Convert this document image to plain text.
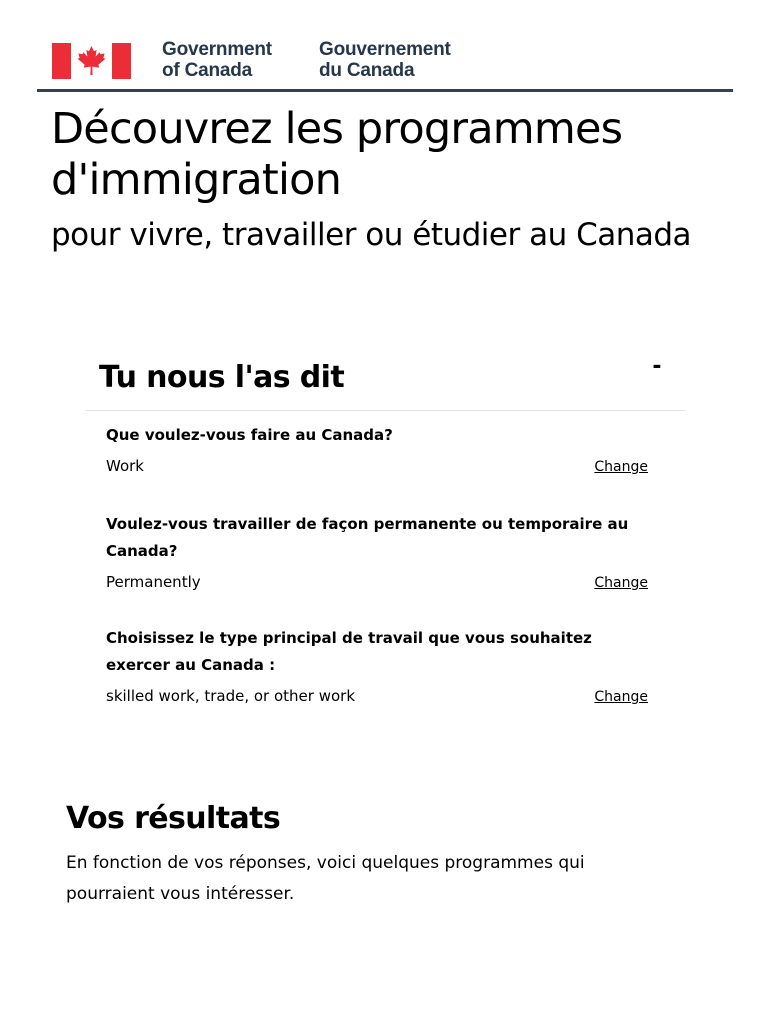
Government
of Canada
Gouvernement
du Canada
Découvrez les programmes d'immigration

pour vivre, travailler ou étudier au Canada

Tu nous l'as dit	-

Que voulez-vous faire au Canada?

Work	Change

Voulez-vous travailler de façon permanente ou temporaire au Canada?

Permanently	Change

Choisissez le type principal de travail que vous souhaitez exercer au Canada :

skilled work, trade, or other work	Change
Vos résultats

En fonction de vos réponses, voici quelques programmes qui pourraient vous intéresser.
